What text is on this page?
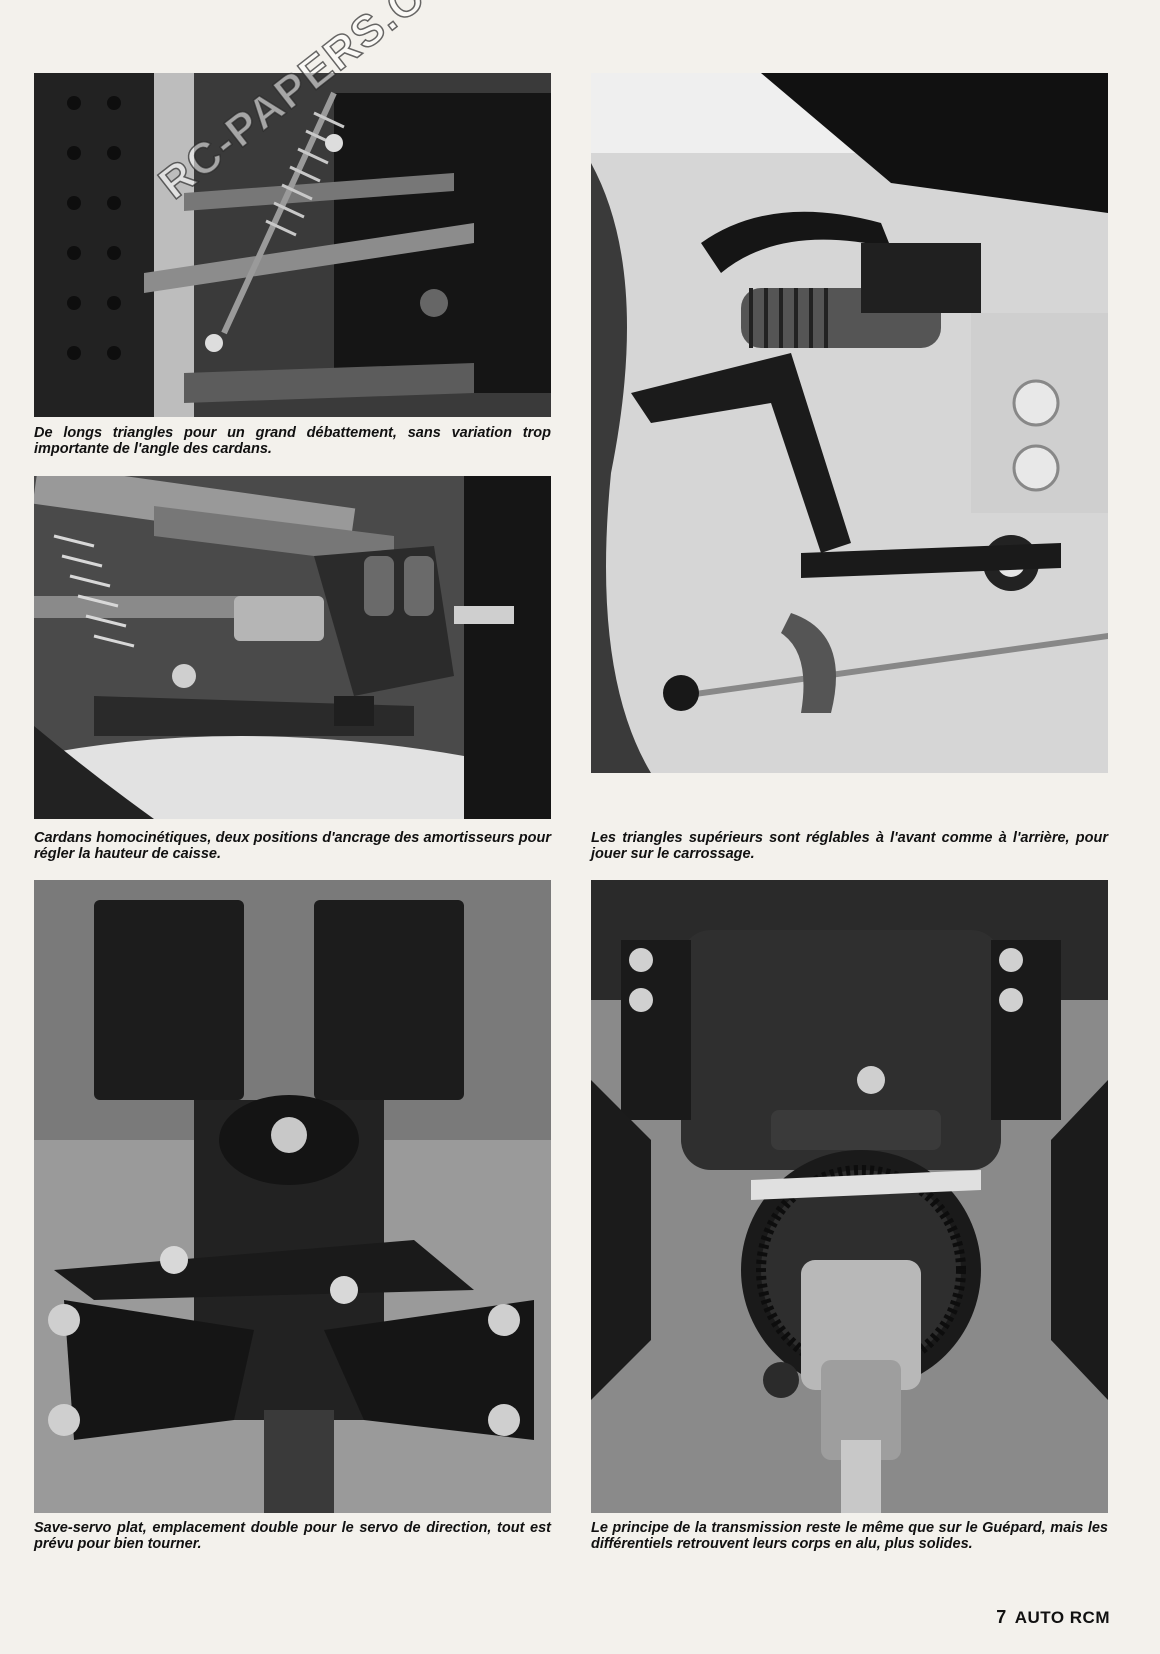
De longs triangles pour un grand débattement, sans variation trop importante de l'angle des cardans.
Les triangles supérieurs sont réglables à l'avant comme à l'arrière, pour jouer sur le carrossage.
Cardans homocinétiques, deux positions d'ancrage des amortisseurs pour régler la hauteur de caisse.
Save-servo plat, emplacement double pour le servo de direction, tout est prévu pour bien tourner.
Le principe de la transmission reste le même que sur le Guépard, mais les différentiels retrouvent leurs corps en alu, plus solides.
7 AUTO RCM
